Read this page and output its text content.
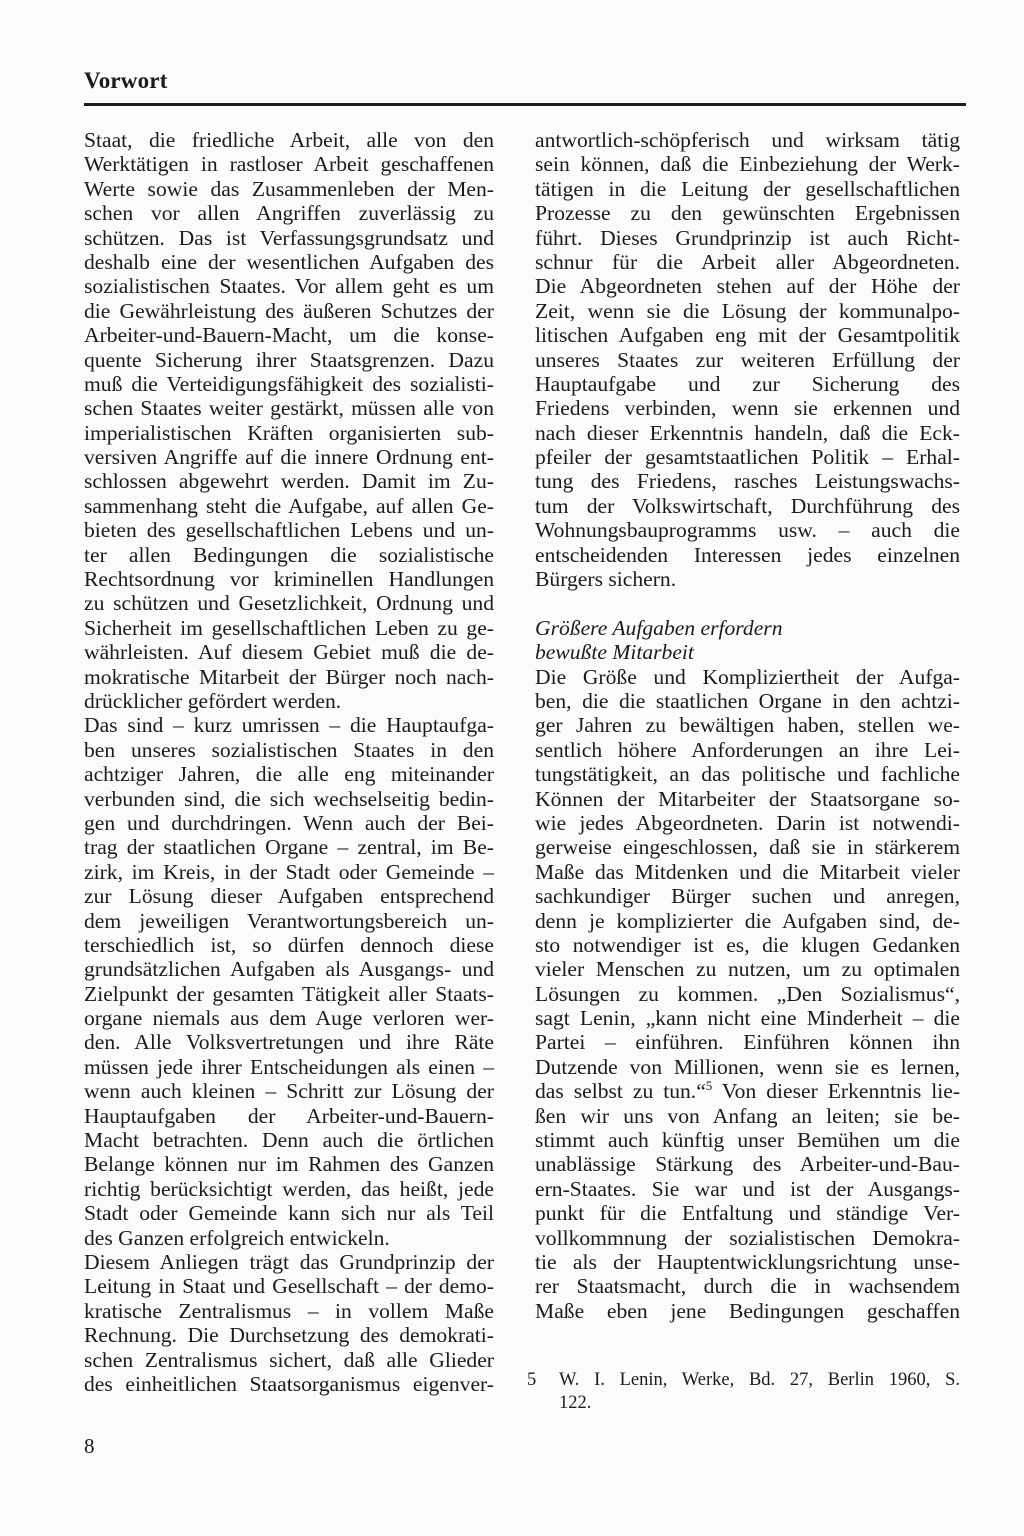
Vorwort
Staat, die friedliche Arbeit, alle von den
Werktätigen in rastloser Arbeit geschaffenen
Werte sowie das Zusammenleben der Men-
schen vor allen Angriffen zuverlässig zu
schützen. Das ist Verfassungsgrundsatz und
deshalb eine der wesentlichen Aufgaben des
sozialistischen Staates. Vor allem geht es um
die Gewährleistung des äußeren Schutzes der
Arbeiter-und-Bauern-Macht, um die konse-
quente Sicherung ihrer Staatsgrenzen. Dazu
muß die Verteidigungsfähigkeit des sozialisti-
schen Staates weiter gestärkt, müssen alle von
imperialistischen Kräften organisierten sub-
versiven Angriffe auf die innere Ordnung ent-
schlossen abgewehrt werden. Damit im Zu-
sammenhang steht die Aufgabe, auf allen Ge-
bieten des gesellschaftlichen Lebens und un-
ter allen Bedingungen die sozialistische
Rechtsordnung vor kriminellen Handlungen
zu schützen und Gesetzlichkeit, Ordnung und
Sicherheit im gesellschaftlichen Leben zu ge-
währleisten. Auf diesem Gebiet muß die de-
mokratische Mitarbeit der Bürger noch nach-
drücklicher gefördert werden.
Das sind – kurz umrissen – die Hauptaufga-
ben unseres sozialistischen Staates in den
achtziger Jahren, die alle eng miteinander
verbunden sind, die sich wechselseitig bedin-
gen und durchdringen. Wenn auch der Bei-
trag der staatlichen Organe – zentral, im Be-
zirk, im Kreis, in der Stadt oder Gemeinde –
zur Lösung dieser Aufgaben entsprechend
dem jeweiligen Verantwortungsbereich un-
terschiedlich ist, so dürfen dennoch diese
grundsätzlichen Aufgaben als Ausgangs- und
Zielpunkt der gesamten Tätigkeit aller Staats-
organe niemals aus dem Auge verloren wer-
den. Alle Volksvertretungen und ihre Räte
müssen jede ihrer Entscheidungen als einen –
wenn auch kleinen – Schritt zur Lösung der
Hauptaufgaben der Arbeiter-und-Bauern-
Macht betrachten. Denn auch die örtlichen
Belange können nur im Rahmen des Ganzen
richtig berücksichtigt werden, das heißt, jede
Stadt oder Gemeinde kann sich nur als Teil
des Ganzen erfolgreich entwickeln.
Diesem Anliegen trägt das Grundprinzip der
Leitung in Staat und Gesellschaft – der demo-
kratische Zentralismus – in vollem Maße
Rechnung. Die Durchsetzung des demokrati-
schen Zentralismus sichert, daß alle Glieder
des einheitlichen Staatsorganismus eigenver-
antwortlich-schöpferisch und wirksam tätig
sein können, daß die Einbeziehung der Werk-
tätigen in die Leitung der gesellschaftlichen
Prozesse zu den gewünschten Ergebnissen
führt. Dieses Grundprinzip ist auch Richt-
schnur für die Arbeit aller Abgeordneten.
Die Abgeordneten stehen auf der Höhe der
Zeit, wenn sie die Lösung der kommunalpo-
litischen Aufgaben eng mit der Gesamtpolitik
unseres Staates zur weiteren Erfüllung der
Hauptaufgabe und zur Sicherung des
Friedens verbinden, wenn sie erkennen und
nach dieser Erkenntnis handeln, daß die Eck-
pfeiler der gesamtstaatlichen Politik – Erhal-
tung des Friedens, rasches Leistungswachs-
tum der Volkswirtschaft, Durchführung des
Wohnungsbauprogramms usw. – auch die
entscheidenden Interessen jedes einzelnen
Bürgers sichern.
Größere Aufgaben erfordern
bewußte Mitarbeit
Die Größe und Kompliziertheit der Aufga-
ben, die die staatlichen Organe in den achtzi-
ger Jahren zu bewältigen haben, stellen we-
sentlich höhere Anforderungen an ihre Lei-
tungstätigkeit, an das politische und fachliche
Können der Mitarbeiter der Staatsorgane so-
wie jedes Abgeordneten. Darin ist notwendi-
gerweise eingeschlossen, daß sie in stärkerem
Maße das Mitdenken und die Mitarbeit vieler
sachkundiger Bürger suchen und anregen,
denn je komplizierter die Aufgaben sind, de-
sto notwendiger ist es, die klugen Gedanken
vieler Menschen zu nutzen, um zu optimalen
Lösungen zu kommen. „Den Sozialismus“,
sagt Lenin, „kann nicht eine Minderheit – die
Partei – einführen. Einführen können ihn
Dutzende von Millionen, wenn sie es lernen,
das selbst zu tun.“$^5$ Von dieser Erkenntnis lie-
ßen wir uns von Anfang an leiten; sie be-
stimmt auch künftig unser Bemühen um die
unablässige Stärkung des Arbeiter-und-Bau-
ern-Staates. Sie war und ist der Ausgangs-
punkt für die Entfaltung und ständige Ver-
vollkommnung der sozialistischen Demokra-
tie als der Hauptentwicklungsrichtung unse-
rer Staatsmacht, durch die in wachsendem
Maße eben jene Bedingungen geschaffen
5 W. I. Lenin, Werke, Bd. 27, Berlin 1960, S.
122.
8
